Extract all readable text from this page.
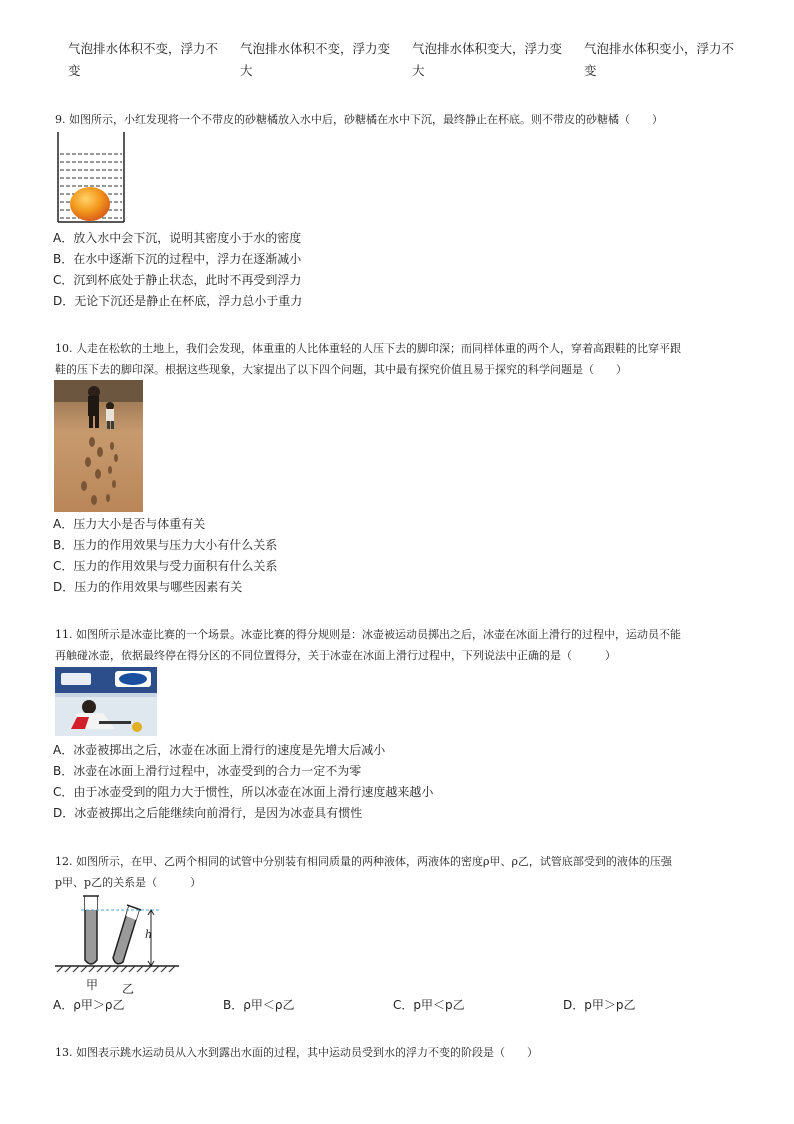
气泡排水体积不变，浮力不变
气泡排水体积不变，浮力变大
气泡排水体积变大，浮力变大
气泡排水体积变小，浮力不变
9. 如图所示，小红发现将一个不带皮的砂糖橘放入水中后，砂糖橘在水中下沉，最终静止在杯底。则不带皮的砂糖橘（　　）
A．放入水中会下沉，说明其密度小于水的密度
B．在水中逐渐下沉的过程中，浮力在逐渐减小
C．沉到杯底处于静止状态，此时不再受到浮力
D．无论下沉还是静止在杯底，浮力总小于重力
10. 人走在松软的土地上，我们会发现，体重重的人比体重轻的人压下去的脚印深；而同样体重的两个人，穿着高跟鞋的比穿平跟
鞋的压下去的脚印深。根据这些现象，大家提出了以下四个问题，其中最有探究价值且易于探究的科学问题是（　　）
A．压力大小是否与体重有关
B．压力的作用效果与压力大小有什么关系
C．压力的作用效果与受力面积有什么关系
D．压力的作用效果与哪些因素有关
11. 如图所示是冰壶比赛的一个场景。冰壶比赛的得分规则是：冰壶被运动员掷出之后，冰壶在冰面上滑行的过程中，运动员不能
再触碰冰壶，依据最终停在得分区的不同位置得分，关于冰壶在冰面上滑行过程中，下列说法中正确的是（　　　）
A．冰壶被掷出之后，冰壶在冰面上滑行的速度是先增大后减小
B．冰壶在冰面上滑行过程中，冰壶受到的合力一定不为零
C．由于冰壶受到的阻力大于惯性，所以冰壶在冰面上滑行速度越来越小
D．冰壶被掷出之后能继续向前滑行，是因为冰壶具有惯性
12. 如图所示，在甲、乙两个相同的试管中分别装有相同质量的两种液体，两液体的密度ρ甲、ρ乙，试管底部受到的液体的压强
p甲、p乙的关系是（　　　）
h
甲 乙
A．ρ甲＞ρ乙	B．ρ甲＜ρ乙	C．p甲＜p乙	D．p甲＞p乙
13. 如图表示跳水运动员从入水到露出水面的过程，其中运动员受到水的浮力不变的阶段是（　　）
